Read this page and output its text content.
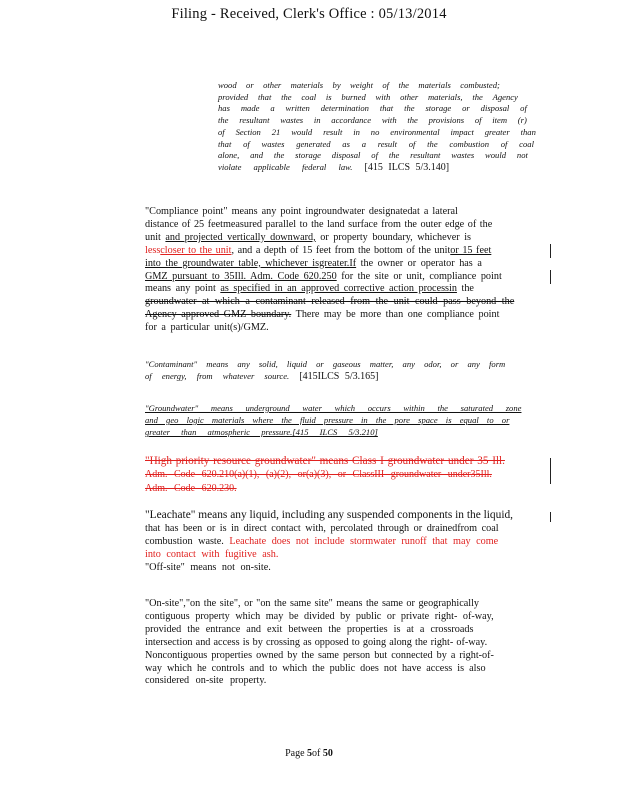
Filing - Received, Clerk's Office : 05/13/2014
wood or other materials by weight of the materials combusted;
provided that the coal is burned with other materials, the Agency
has made a written determination that the storage or disposal of
the resultant wastes in accordance with the provisions of item (r)
of Section 21 would result in no environmental impact greater than
that of wastes generated as a result of the combustion of coal
alone, and the storage disposal of the resultant wastes would not
violate applicable federal law. [415 ILCS 5/3.140]
"Compliance point" means any point ingroundwater designatedat a lateral
distance of 25 feetmeasured parallel to the land surface from the outer edge of the
unit and projected vertically downward, or property boundary, whichever is
lesscloser to the unit, and a depth of 15 feet from the bottom of the unitor 15 feet
into the groundwater table, whichever isgreater.If the owner or operator has a
GMZ pursuant to 35Ill. Adm. Code 620.250 for the site or unit, compliance point
means any point as specified in an approved corrective action processin the
groundwater at which a contaminant released from the unit could pass beyond the
Agency approved GMZ boundary. There may be more than one compliance point
for a particular unit(s)/GMZ.
"Contaminant" means any solid, liquid or gaseous matter, any odor, or any form
of energy, from whatever source. [415ILCS 5/3.165]
"Groundwater" means underground water which occurs within the saturated zone
and geo logic materials where the fluid pressure in the pore space is equal to or
greater than atmospheric pressure.[415 ILCS 5/3.210]
"High priority resource groundwater" means Class I groundwater under 35 Ill.
Adm. Code 620.210(a)(1), (a)(2), or(a)(3), or ClassIII groundwater under35Ill.
Adm. Code 620.230.
"Leachate" means any liquid, including any suspended components in the liquid,
that has been or is in direct contact with, percolated through or drainedfrom coal
combustion waste. Leachate does not include stormwater runoff that may come
into contact with fugitive ash.
"Off-site" means not on-site.
"On-site","on the site", or "on the same site" means the same or geographically
contiguous property which may be divided by public or private right- of-way,
provided the entrance and exit between the properties is at a crossroads
intersection and access is by crossing as opposed to going along the right- of-way.
Noncontiguous properties owned by the same person but connected by a right-of-
way which he controls and to which the public does not have access is also
considered on-site property.
Page 5of 50
